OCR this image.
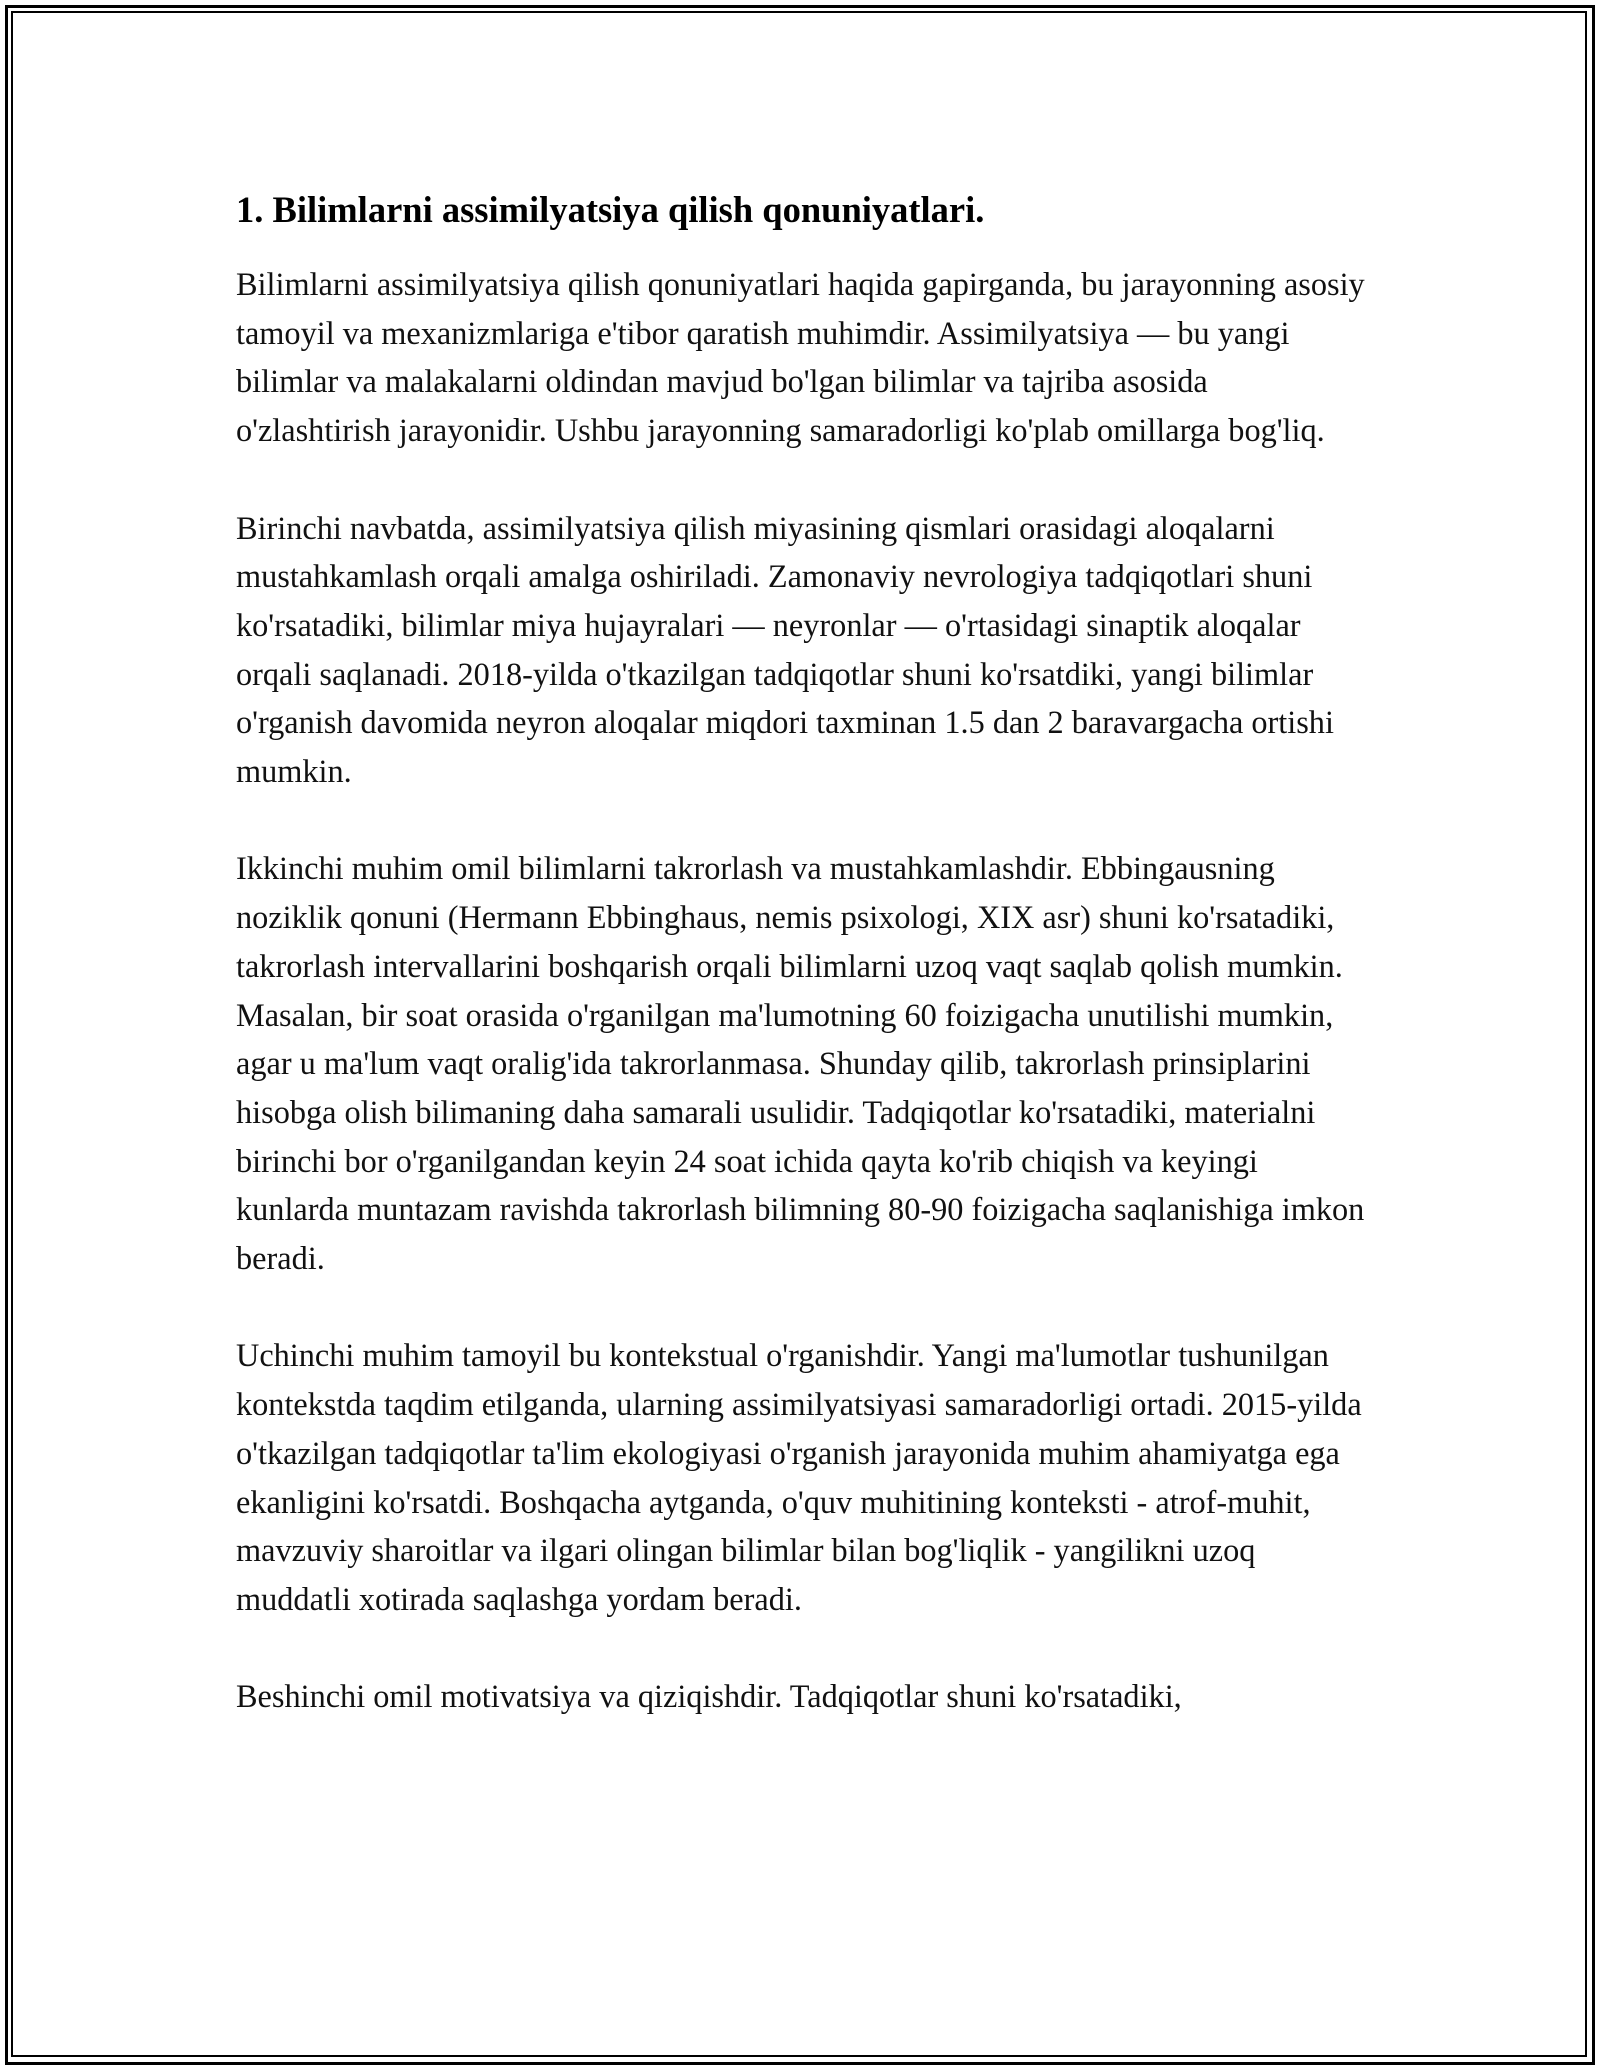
1. Bilimlarni assimilyatsiya qilish qonuniyatlari.

Bilimlarni assimilyatsiya qilish qonuniyatlari haqida gapirganda, bu jarayonning asosiy tamoyil va mexanizmlariga e'tibor qaratish muhimdir. Assimilyatsiya — bu yangi bilimlar va malakalarni oldindan mavjud bo'lgan bilimlar va tajriba asosida o'zlashtirish jarayonidir. Ushbu jarayonning samaradorligi ko'plab omillarga bog'liq.

Birinchi navbatda, assimilyatsiya qilish miyasining qismlari orasidagi aloqalarni mustahkamlash orqali amalga oshiriladi. Zamonaviy nevrologiya tadqiqotlari shuni ko'rsatadiki, bilimlar miya hujayralari — neyronlar — o'rtasidagi sinaptik aloqalar orqali saqlanadi. 2018-yilda o'tkazilgan tadqiqotlar shuni ko'rsatdiki, yangi bilimlar o'rganish davomida neyron aloqalar miqdori taxminan 1.5 dan 2 baravargacha ortishi mumkin.

Ikkinchi muhim omil bilimlarni takrorlash va mustahkamlashdir. Ebbingausning noziklik qonuni (Hermann Ebbinghaus, nemis psixologi, XIX asr) shuni ko'rsatadiki, takrorlash intervallarini boshqarish orqali bilimlarni uzoq vaqt saqlab qolish mumkin. Masalan, bir soat orasida o'rganilgan ma'lumotning 60 foizigacha unutilishi mumkin, agar u ma'lum vaqt oralig'ida takrorlanmasa. Shunday qilib, takrorlash prinsiplarini hisobga olish bilimaning daha samarali usulidir. Tadqiqotlar ko'rsatadiki, materialni birinchi bor o'rganilgandan keyin 24 soat ichida qayta ko'rib chiqish va keyingi kunlarda muntazam ravishda takrorlash bilimning 80-90 foizigacha saqlanishiga imkon beradi.

Uchinchi muhim tamoyil bu kontekstual o'rganishdir. Yangi ma'lumotlar tushunilgan kontekstda taqdim etilganda, ularning assimilyatsiyasi samaradorligi ortadi. 2015-yilda o'tkazilgan tadqiqotlar ta'lim ekologiyasi o'rganish jarayonida muhim ahamiyatga ega ekanligini ko'rsatdi. Boshqacha aytganda, o'quv muhitining konteksti - atrof-muhit, mavzuviy sharoitlar va ilgari olingan bilimlar bilan bog'liqlik - yangilikni uzoq muddatli xotirada saqlashga yordam beradi.

Beshinchi omil motivatsiya va qiziqishdir. Tadqiqotlar shuni ko'rsatadiki,
